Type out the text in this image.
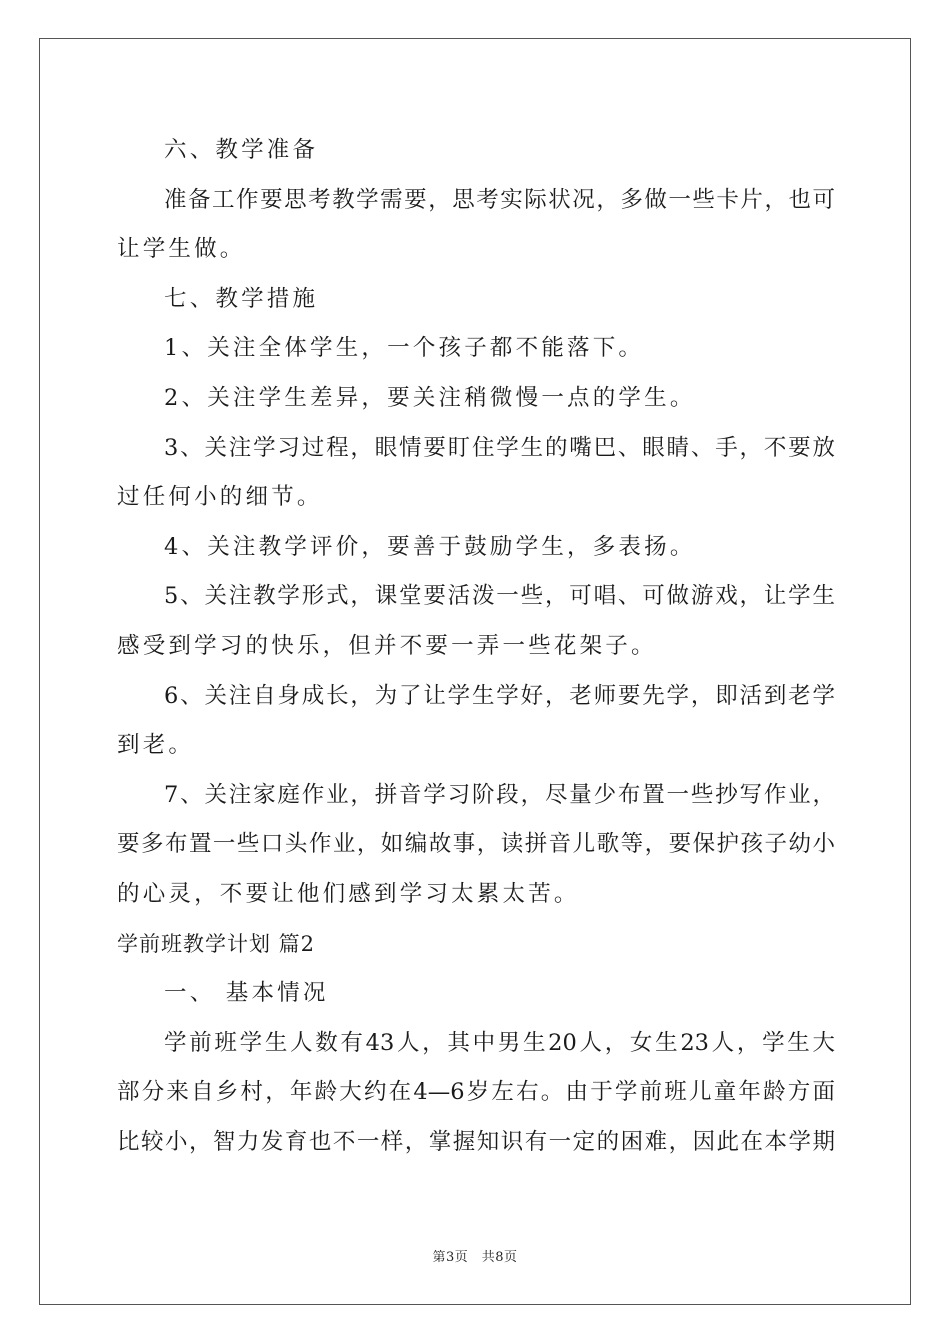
六、教学准备
准备工作要思考教学需要，思考实际状况，多做一些卡片，也可
让学生做。
七、教学措施
1、关注全体学生，一个孩子都不能落下。
2、关注学生差异，要关注稍微慢一点的学生。
3、关注学习过程，眼情要盯住学生的嘴巴、眼睛、手，不要放
过任何小的细节。
4、关注教学评价，要善于鼓励学生，多表扬。
5、关注教学形式，课堂要活泼一些，可唱、可做游戏，让学生
感受到学习的快乐，但并不要一弄一些花架子。
6、关注自身成长，为了让学生学好，老师要先学，即活到老学
到老。
7、关注家庭作业，拼音学习阶段，尽量少布置一些抄写作业，
要多布置一些口头作业，如编故事，读拼音儿歌等，要保护孩子幼小
的心灵，不要让他们感到学习太累太苦。
学前班教学计划 篇2
一、 基本情况
学前班学生人数有43人，其中男生20人，女生23人，学生大
部分来自乡村，年龄大约在4—6岁左右。由于学前班儿童年龄方面
比较小，智力发育也不一样，掌握知识有一定的困难，因此在本学期
第3页　共8页
